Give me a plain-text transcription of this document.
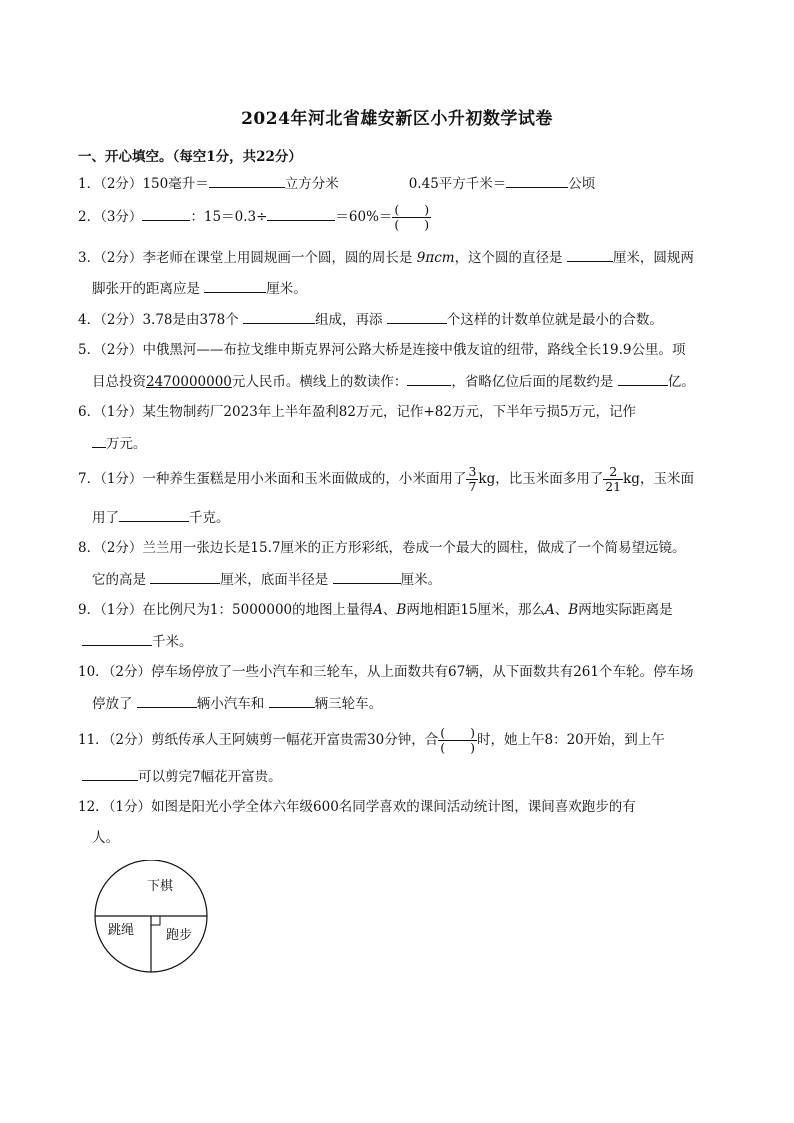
2024年河北省雄安新区小升初数学试卷
一、开心填空。（每空1分，共22分）
1．（2分）150毫升＝	立方分米	0.45平方千米＝	公顷
2．（3分）	：15＝0.3÷	$=60\%= \frac{( )}{( )}$
3．（2分）李老师在课堂上用圆规画一个圆，圆的周长是 9πcm，这个圆的直径是	厘米，圆规两
脚张开的距离应是	厘米。
4．（2分）3.78是由378个	组成，再添	个这样的计数单位就是最小的合数。
5．（2分）中俄黑河——布拉戈维申斯克界河公路大桥是连接中俄友谊的纽带，路线全长19.9公里。项
目总投资2470000000元人民币。横线上的数读作：	，省略亿位后面的尾数约是	亿。
6．（1分）某生物制药厂2023年上半年盈利82万元，记作+82万元，下半年亏损5万元，记作
万元。
7．（1分）一种养生蛋糕是用小米面和玉米面做成的，小米面用了 $\frac{3}{7}$ kg，比玉米面多用了 $\frac{2}{21}$ kg，玉米面
用了	千克。
8．（2分）兰兰用一张边长是15.7厘米的正方形彩纸，卷成一个最大的圆柱，做成了一个简易望远镜。
它的高是	厘米，底面半径是	厘米。
9．（1分）在比例尺为1：5000000的地图上量得A、B两地相距15厘米，那么A、B两地实际距离是
千米。
10．（2分）停车场停放了一些小汽车和三轮车，从上面数共有67辆，从下面数共有261个车轮。停车场
停放了	辆小汽车和	辆三轮车。
11．（2分）剪纸传承人王阿姨剪一幅花开富贵需30分钟，合 $\frac{( )}{( )}$ 时，她上午8：20开始，到上午
可以剪完7幅花开富贵。
12．（1分）如图是阳光小学全体六年级600名同学喜欢的课间活动统计图，课间喜欢跑步的有
人。
下棋
跑步
跳绳
